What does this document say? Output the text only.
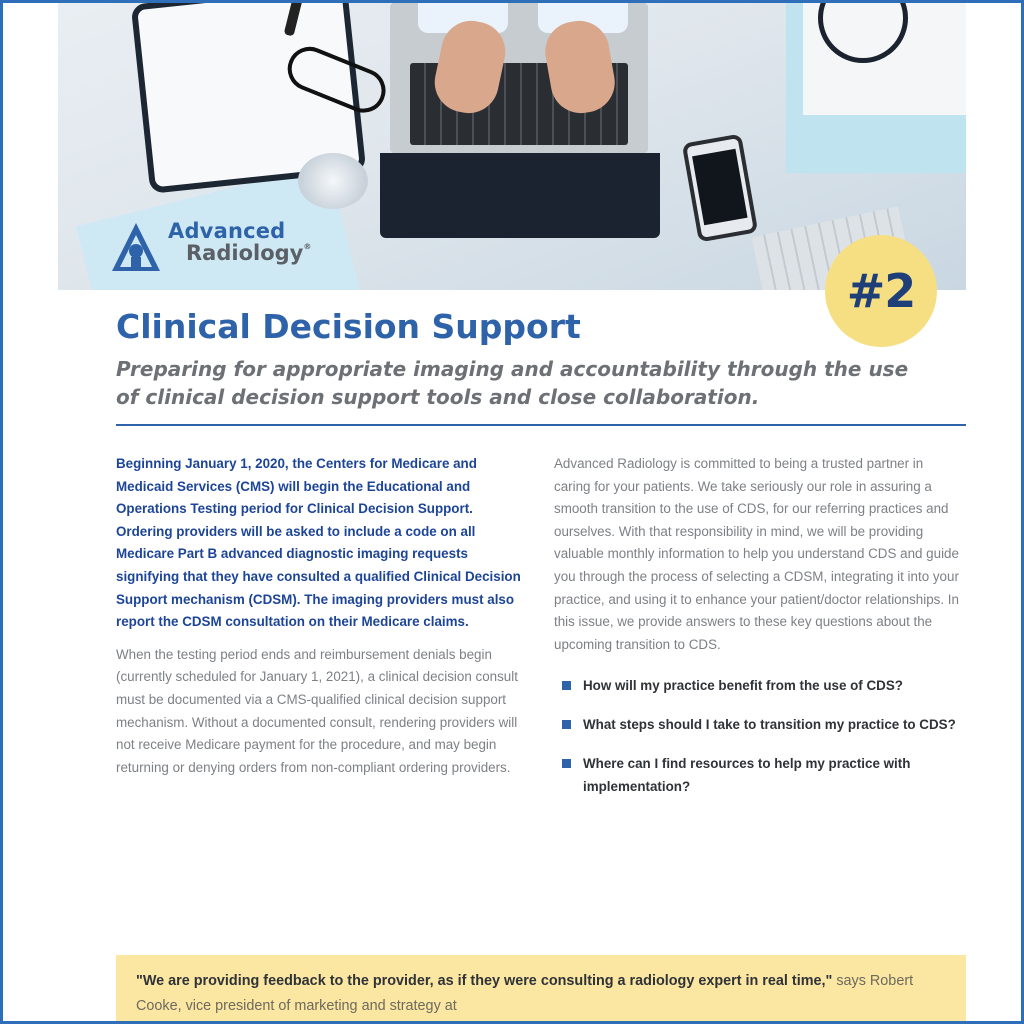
Advanced
Radiology®
#2
Clinical Decision Support

Preparing for appropriate imaging and accountability through the use of clinical decision support tools and close collaboration.

Beginning January 1, 2020, the Centers for Medicare and Medicaid Services (CMS) will begin the Educational and Operations Testing period for Clinical Decision Support. Ordering providers will be asked to include a code on all Medicare Part B advanced diagnostic imaging requests signifying that they have consulted a qualified Clinical Decision Support mechanism (CDSM). The imaging providers must also report the CDSM consultation on their Medicare claims.

When the testing period ends and reimbursement denials begin (currently scheduled for January 1, 2021), a clinical decision consult must be documented via a CMS-qualified clinical decision support mechanism. Without a documented consult, rendering providers will not receive Medicare payment for the procedure, and may begin returning or denying orders from non-compliant ordering providers.

Advanced Radiology is committed to being a trusted partner in caring for your patients. We take seriously our role in assuring a smooth transition to the use of CDS, for our referring practices and ourselves. With that responsibility in mind, we will be providing valuable monthly information to help you understand CDS and guide you through the process of selecting a CDSM, integrating it into your practice, and using it to enhance your patient/doctor relationships. In this issue, we provide answers to these key questions about the upcoming transition to CDS.

How will my practice benefit from the use of CDS?
What steps should I take to transition my practice to CDS?
Where can I find resources to help my practice with implementation?

"We are providing feedback to the provider, as if they were consulting a radiology expert in real time," says Robert Cooke, vice president of marketing and strategy at
